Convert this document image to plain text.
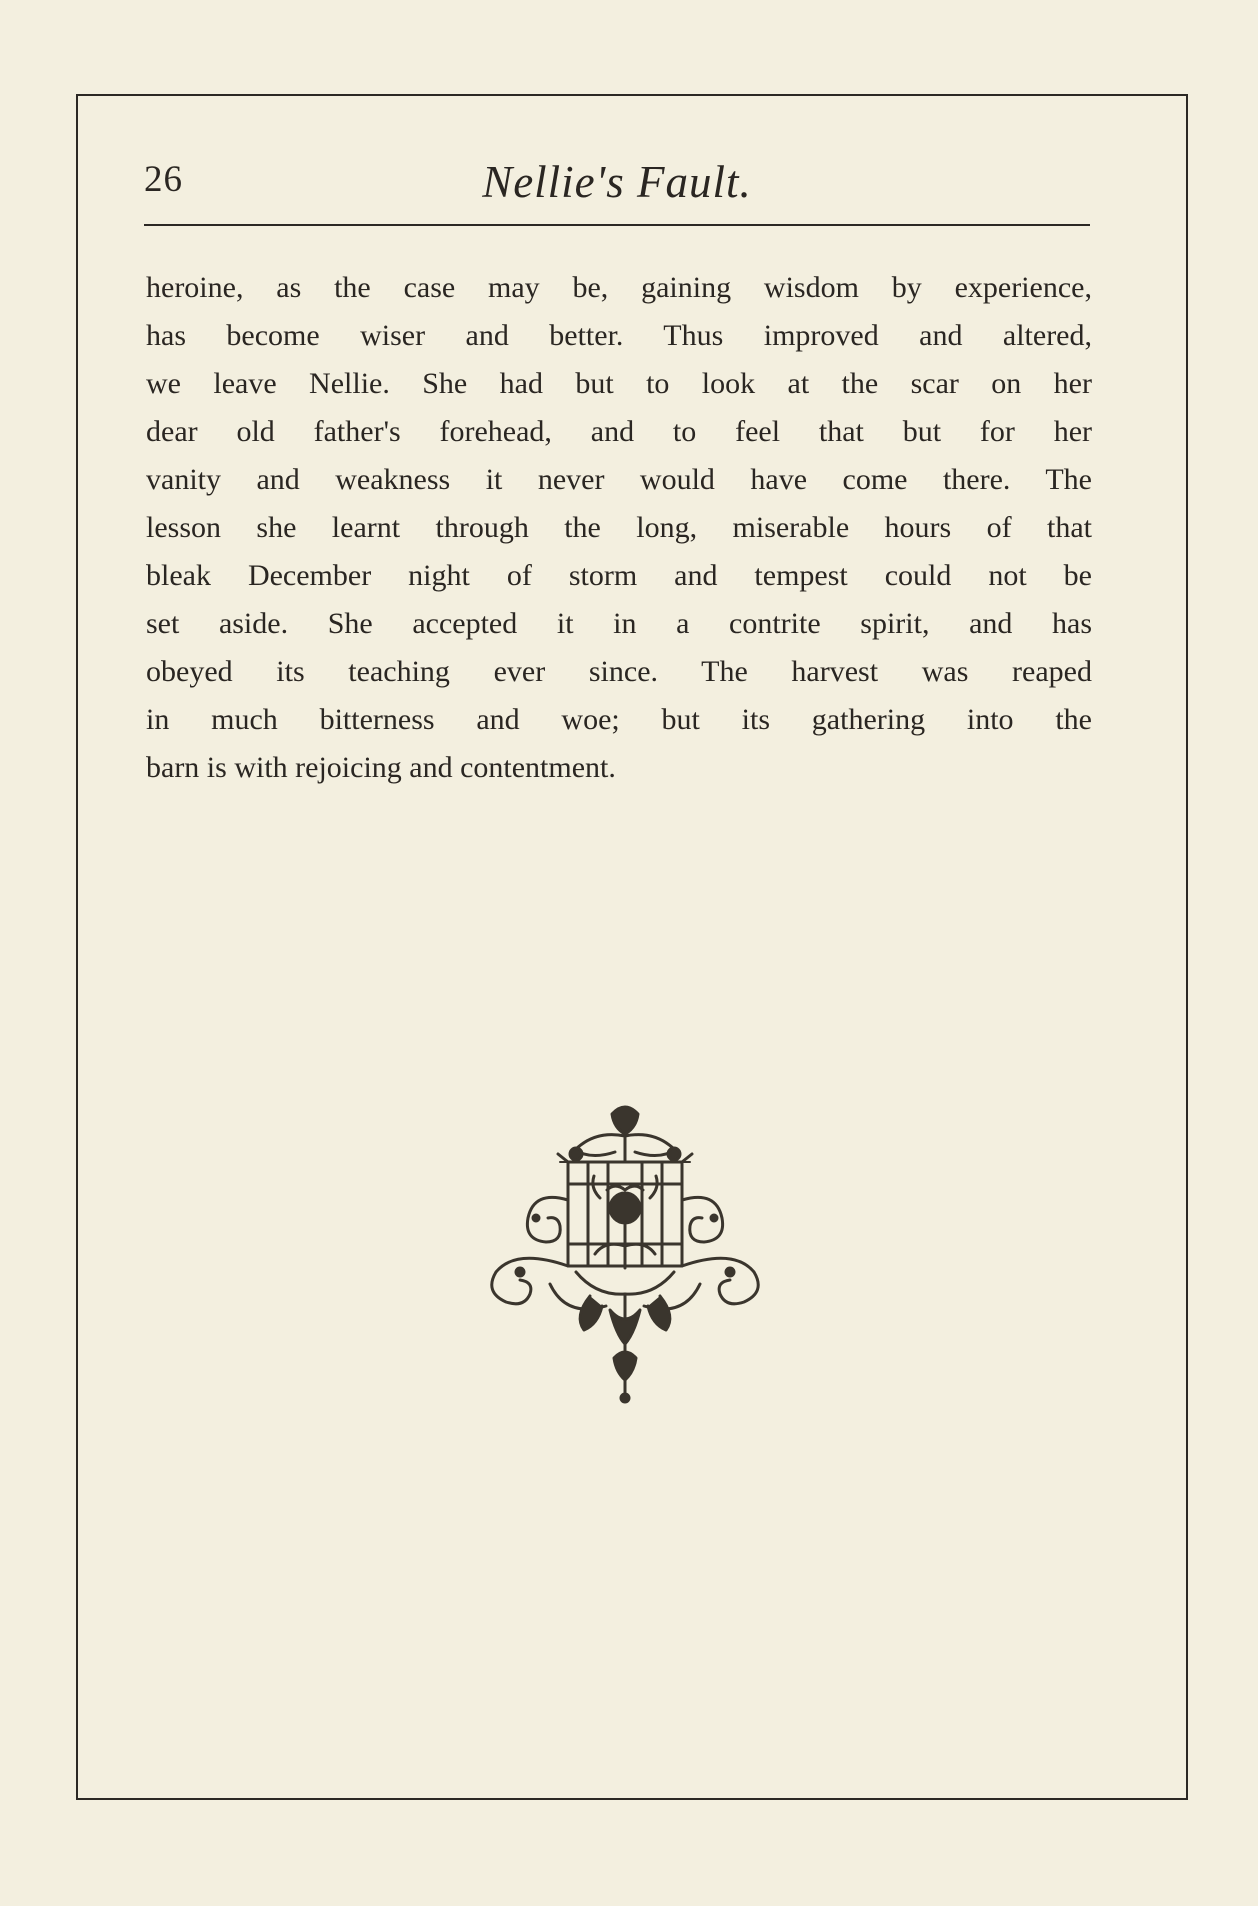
26	Nellie's Fault.
heroine, as the case may be, gaining wisdom by experience,
has become wiser and better. Thus improved and altered,
we leave Nellie. She had but to look at the scar on her
dear old father's forehead, and to feel that but for her
vanity and weakness it never would have come there. The
lesson she learnt through the long, miserable hours of that
bleak December night of storm and tempest could not be
set aside. She accepted it in a contrite spirit, and has
obeyed its teaching ever since. The harvest was reaped
in much bitterness and woe; but its gathering into the
barn is with rejoicing and contentment.
